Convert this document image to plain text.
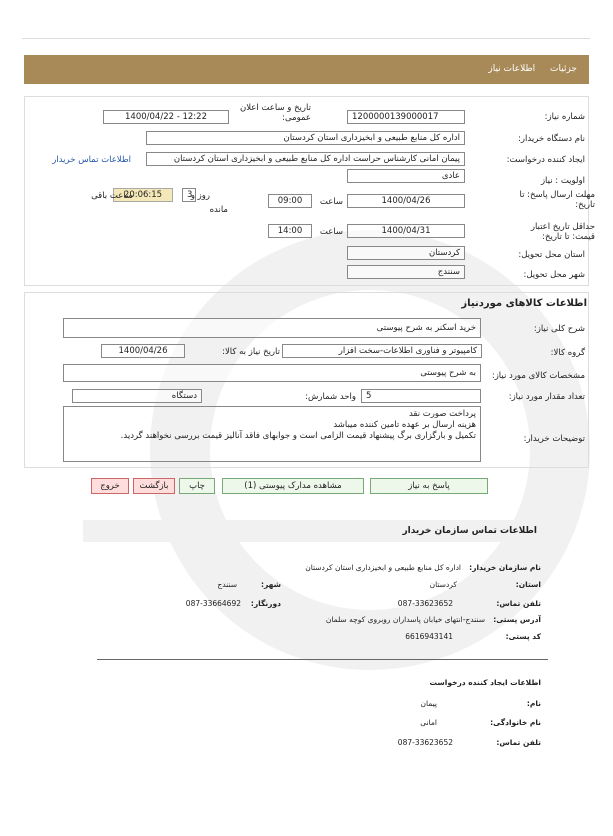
جزئیات اطلاعات نیاز
شماره نیاز:
1200000139000017
تاریخ و ساعت اعلان عمومی:
1400/04/22 - 12:22
نام دستگاه خریدار:
اداره کل منابع طبیعی و ابخیزداری استان کردستان
ایجاد کننده درخواست:
پیمان امانی کارشناس حراست اداره کل منابع طبیعی و ابخیزداری استان کردستان
اطلاعات تماس خریدار
اولویت : نیاز
عادی
مهلت ارسال پاسخ: تا تاریخ:
1400/04/26
ساعت
09:00
3
روز و
20:06:15
ساعت باقی
مانده
حداقل تاریخ اعتبار قیمت: تا تاریخ:
1400/04/31
ساعت
14:00
استان محل تحویل:
کردستان
شهر محل تحویل:
سنندج
اطلاعات کالاهای موردنیاز
شرح کلی نیاز:
خرید اسکنر به شرح پیوستی
گروه کالا:
کامپیوتر و فناوری اطلاعات-سخت افزار
تاریخ نیاز به کالا:
1400/04/26
مشخصات کالای مورد نیاز:
به شرح پیوستی
تعداد مقدار مورد نیاز:
5
واحد شمارش:
دستگاه
توضیحات خریدار:
پرداخت صورت نقد
هزینه ارسال بر عهده تامین کننده میباشد
تکمیل و بارگزاری برگ پیشنهاد قیمت الزامی است و جوابهای فاقد آنالیز قیمت بررسی نخواهند گردید.
پاسخ به نیاز
مشاهده مدارک پیوستی (1)
چاپ
بازگشت
خروج
اطلاعات تماس سازمان خریدار
نام سازمان خریدار:
اداره کل منابع طبیعی و ابخیزداری استان کردستان
استان:
کردستان
شهر:
سنندج
تلفن تماس:
087-33623652
دورنگار:
087-33664692
آدرس پستی:
سنندج-انتهای خیابان پاسداران روبروی کوچه سلمان
کد پستی:
6616943141
اطلاعات ایجاد کننده درخواست
نام:
پیمان
نام خانوادگی:
امانی
تلفن تماس:
087-33623652
